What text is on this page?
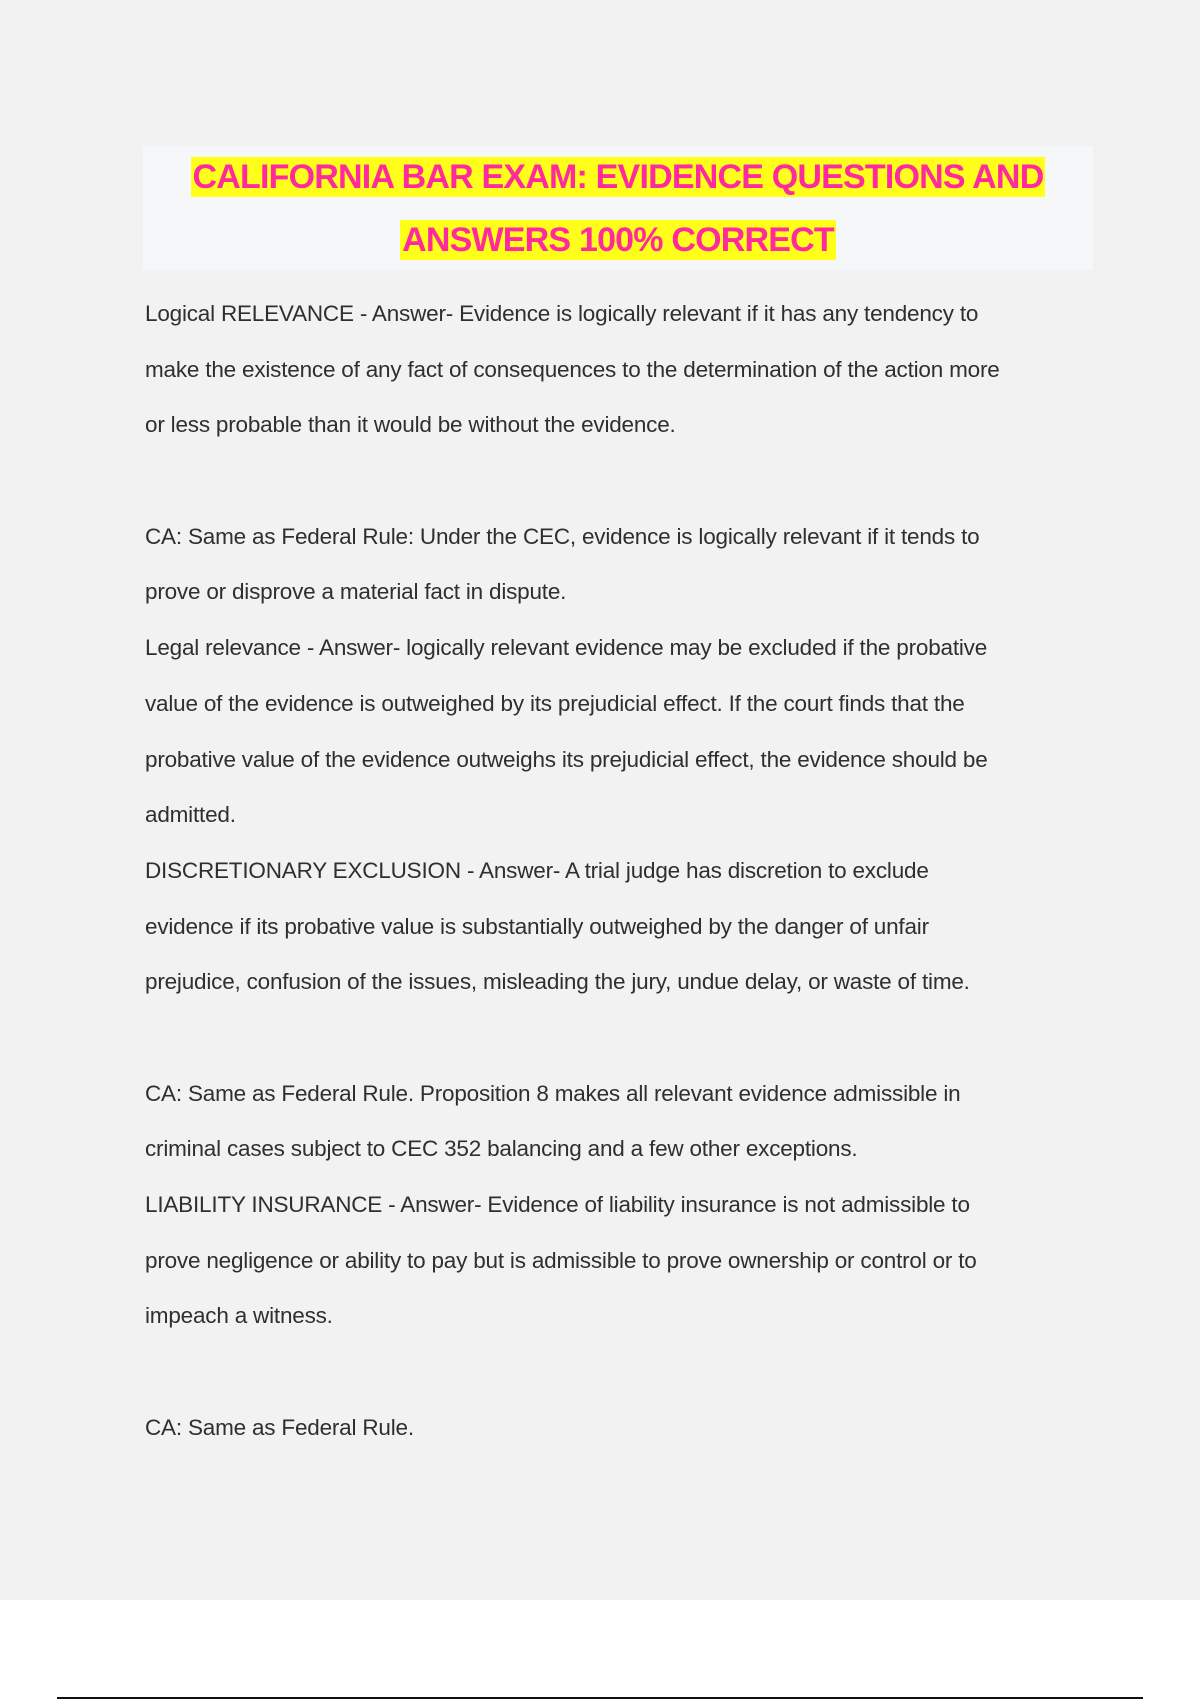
CALIFORNIA BAR EXAM: EVIDENCE QUESTIONS AND
ANSWERS 100% CORRECT
Logical RELEVANCE - Answer- Evidence is logically relevant if it has any tendency to
make the existence of any fact of consequences to the determination of the action more
or less probable than it would be without the evidence.
CA: Same as Federal Rule: Under the CEC, evidence is logically relevant if it tends to
prove or disprove a material fact in dispute.
Legal relevance - Answer- logically relevant evidence may be excluded if the probative
value of the evidence is outweighed by its prejudicial effect. If the court finds that the
probative value of the evidence outweighs its prejudicial effect, the evidence should be
admitted.
DISCRETIONARY EXCLUSION - Answer- A trial judge has discretion to exclude
evidence if its probative value is substantially outweighed by the danger of unfair
prejudice, confusion of the issues, misleading the jury, undue delay, or waste of time.
CA: Same as Federal Rule. Proposition 8 makes all relevant evidence admissible in
criminal cases subject to CEC 352 balancing and a few other exceptions.
LIABILITY INSURANCE - Answer- Evidence of liability insurance is not admissible to
prove negligence or ability to pay but is admissible to prove ownership or control or to
impeach a witness.
CA: Same as Federal Rule.
